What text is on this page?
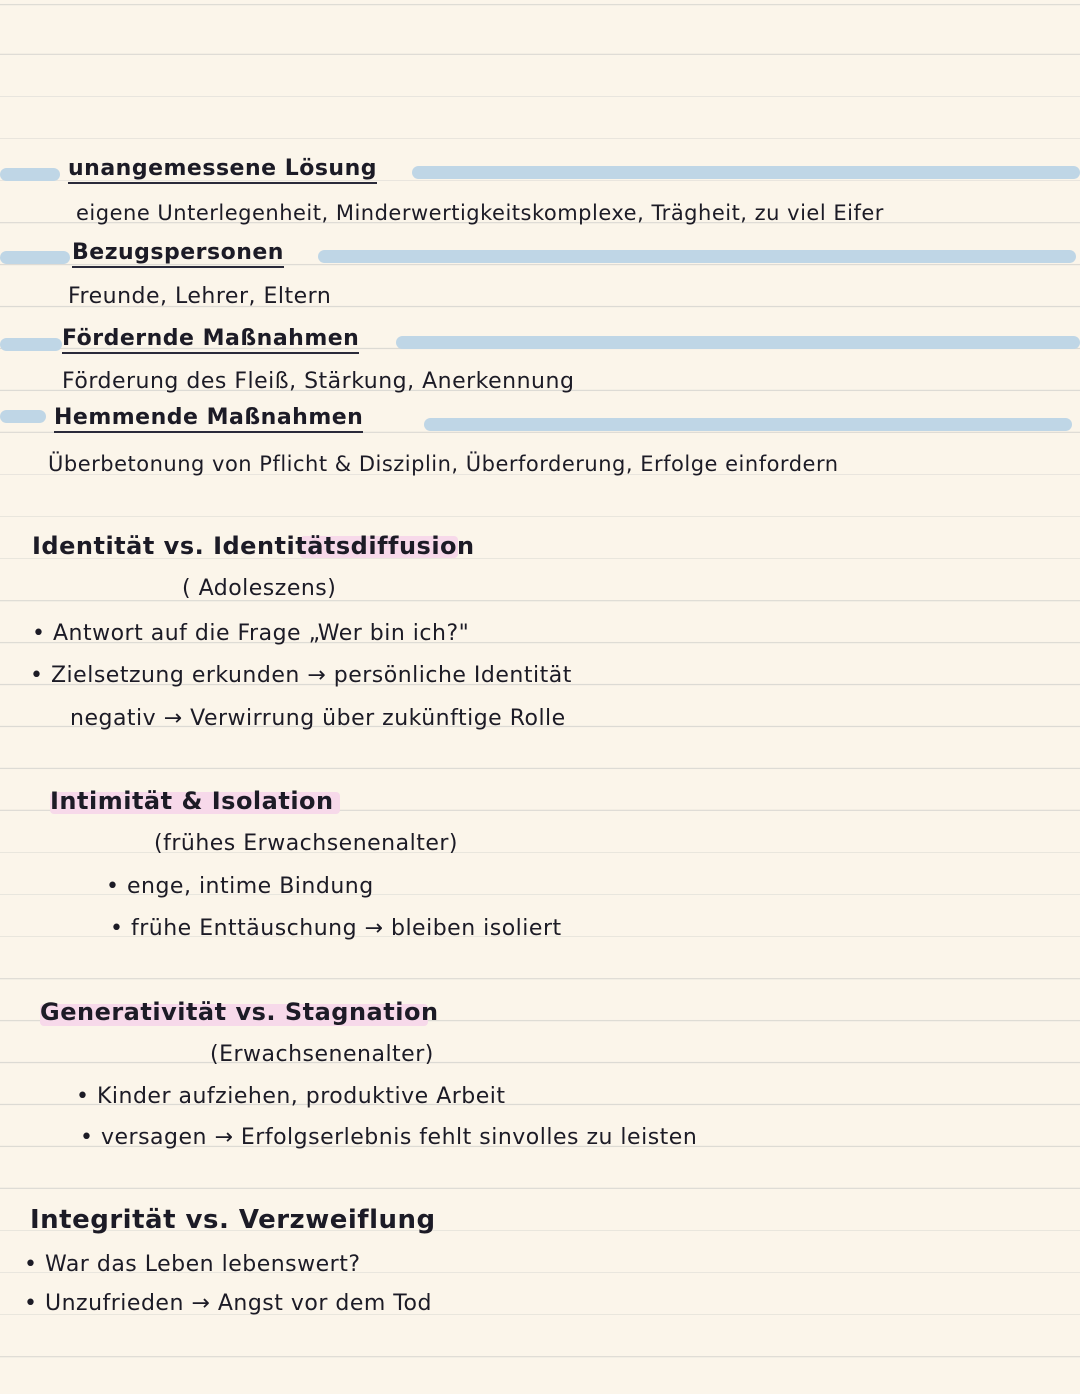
unangemessene Lösung
eigene Unterlegenheit, Minderwertigkeitskomplexe, Trägheit, zu viel Eifer
Bezugspersonen
Freunde, Lehrer, Eltern
Fördernde Maßnahmen
Förderung des Fleiß, Stärkung, Anerkennung
Hemmende Maßnahmen
Überbetonung von Pflicht & Disziplin, Überforderung, Erfolge einfordern
Identität vs. Identitätsdiffusion
( Adoleszens)
• Antwort auf die Frage „Wer bin ich?"
• Zielsetzung erkunden → persönliche Identität
negativ → Verwirrung über zukünftige Rolle
Intimität & Isolation
(frühes Erwachsenenalter)
• enge, intime Bindung
• frühe Enttäuschung → bleiben isoliert
Generativität vs. Stagnation
(Erwachsenenalter)
• Kinder aufziehen, produktive Arbeit
• versagen → Erfolgserlebnis fehlt sinvolles zu leisten
Integrität vs. Verzweiflung
• War das Leben lebenswert?
• Unzufrieden → Angst vor dem Tod
